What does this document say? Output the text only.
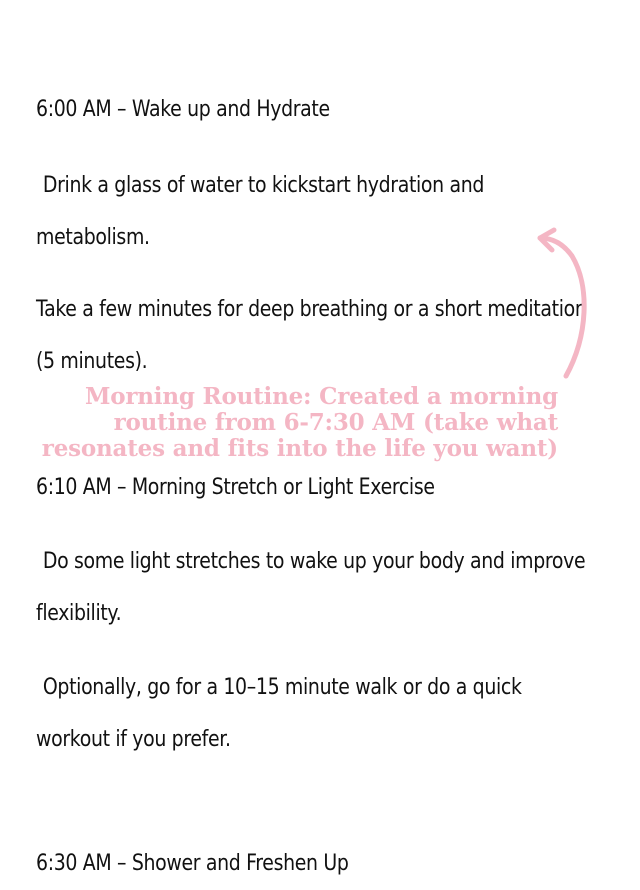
6:00 AM – Wake up and Hydrate

Drink a glass of water to kickstart hydration and metabolism.

Take a few minutes for deep breathing or a short meditation (5 minutes).

Morning Routine: Created a morning
routine from 6-7:30 AM (take what
resonates and fits into the life you want)

6:10 AM – Morning Stretch or Light Exercise

Do some light stretches to wake up your body and improve flexibility.

Optionally, go for a 10–15 minute walk or do a quick workout if you prefer.

6:30 AM – Shower and Freshen Up
